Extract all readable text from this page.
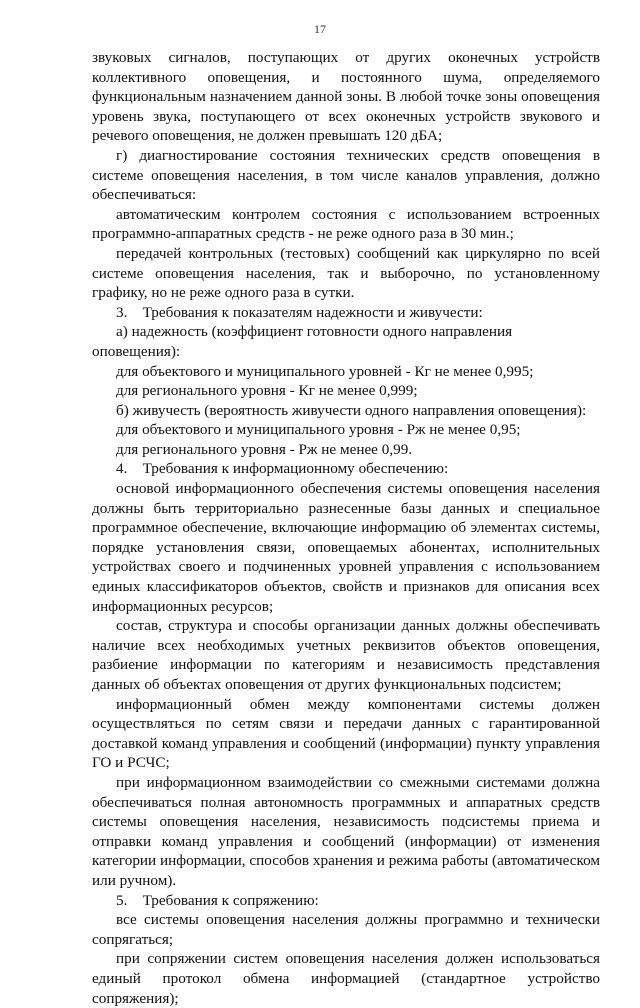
17

звуковых сигналов, поступающих от других оконечных устройств коллективного оповещения, и постоянного шума, определяемого функциональным назначением данной зоны. В любой точке зоны оповещения уровень звука, поступающего от всех оконечных устройств звукового и речевого оповещения, не должен превышать 120 дБА;

г) диагностирование состояния технических средств оповещения в системе оповещения населения, в том числе каналов управления, должно обеспечиваться:

автоматическим контролем состояния с использованием встроенных программно-аппаратных средств - не реже одного раза в 30 мин.;

передачей контрольных (тестовых) сообщений как циркулярно по всей системе оповещения населения, так и выборочно, по установленному графику, но не реже одного раза в сутки.

3. Требования к показателям надежности и живучести:

а) надежность (коэффициент готовности одного направления оповещения):

для объектового и муниципального уровней - Кг не менее 0,995;

для регионального уровня - Кг не менее 0,999;

б) живучесть (вероятность живучести одного направления оповещения):

для объектового и муниципального уровня - Рж не менее 0,95;

для регионального уровня - Рж не менее 0,99.

4. Требования к информационному обеспечению:

основой информационного обеспечения системы оповещения населения должны быть территориально разнесенные базы данных и специальное программное обеспечение, включающие информацию об элементах системы, порядке установления связи, оповещаемых абонентах, исполнительных устройствах своего и подчиненных уровней управления с использованием единых классификаторов объектов, свойств и признаков для описания всех информационных ресурсов;

состав, структура и способы организации данных должны обеспечивать наличие всех необходимых учетных реквизитов объектов оповещения, разбиение информации по категориям и независимость представления данных об объектах оповещения от других функциональных подсистем;

информационный обмен между компонентами системы должен осуществляться по сетям связи и передачи данных с гарантированной доставкой команд управления и сообщений (информации) пункту управления ГО и РСЧС;

при информационном взаимодействии со смежными системами должна обеспечиваться полная автономность программных и аппаратных средств системы оповещения населения, независимость подсистемы приема и отправки команд управления и сообщений (информации) от изменения категории информации, способов хранения и режима работы (автоматическом или ручном).

5. Требования к сопряжению:

все системы оповещения населения должны программно и технически сопрягаться;

при сопряжении систем оповещения населения должен использоваться единый протокол обмена информацией (стандартное устройство сопряжения);
